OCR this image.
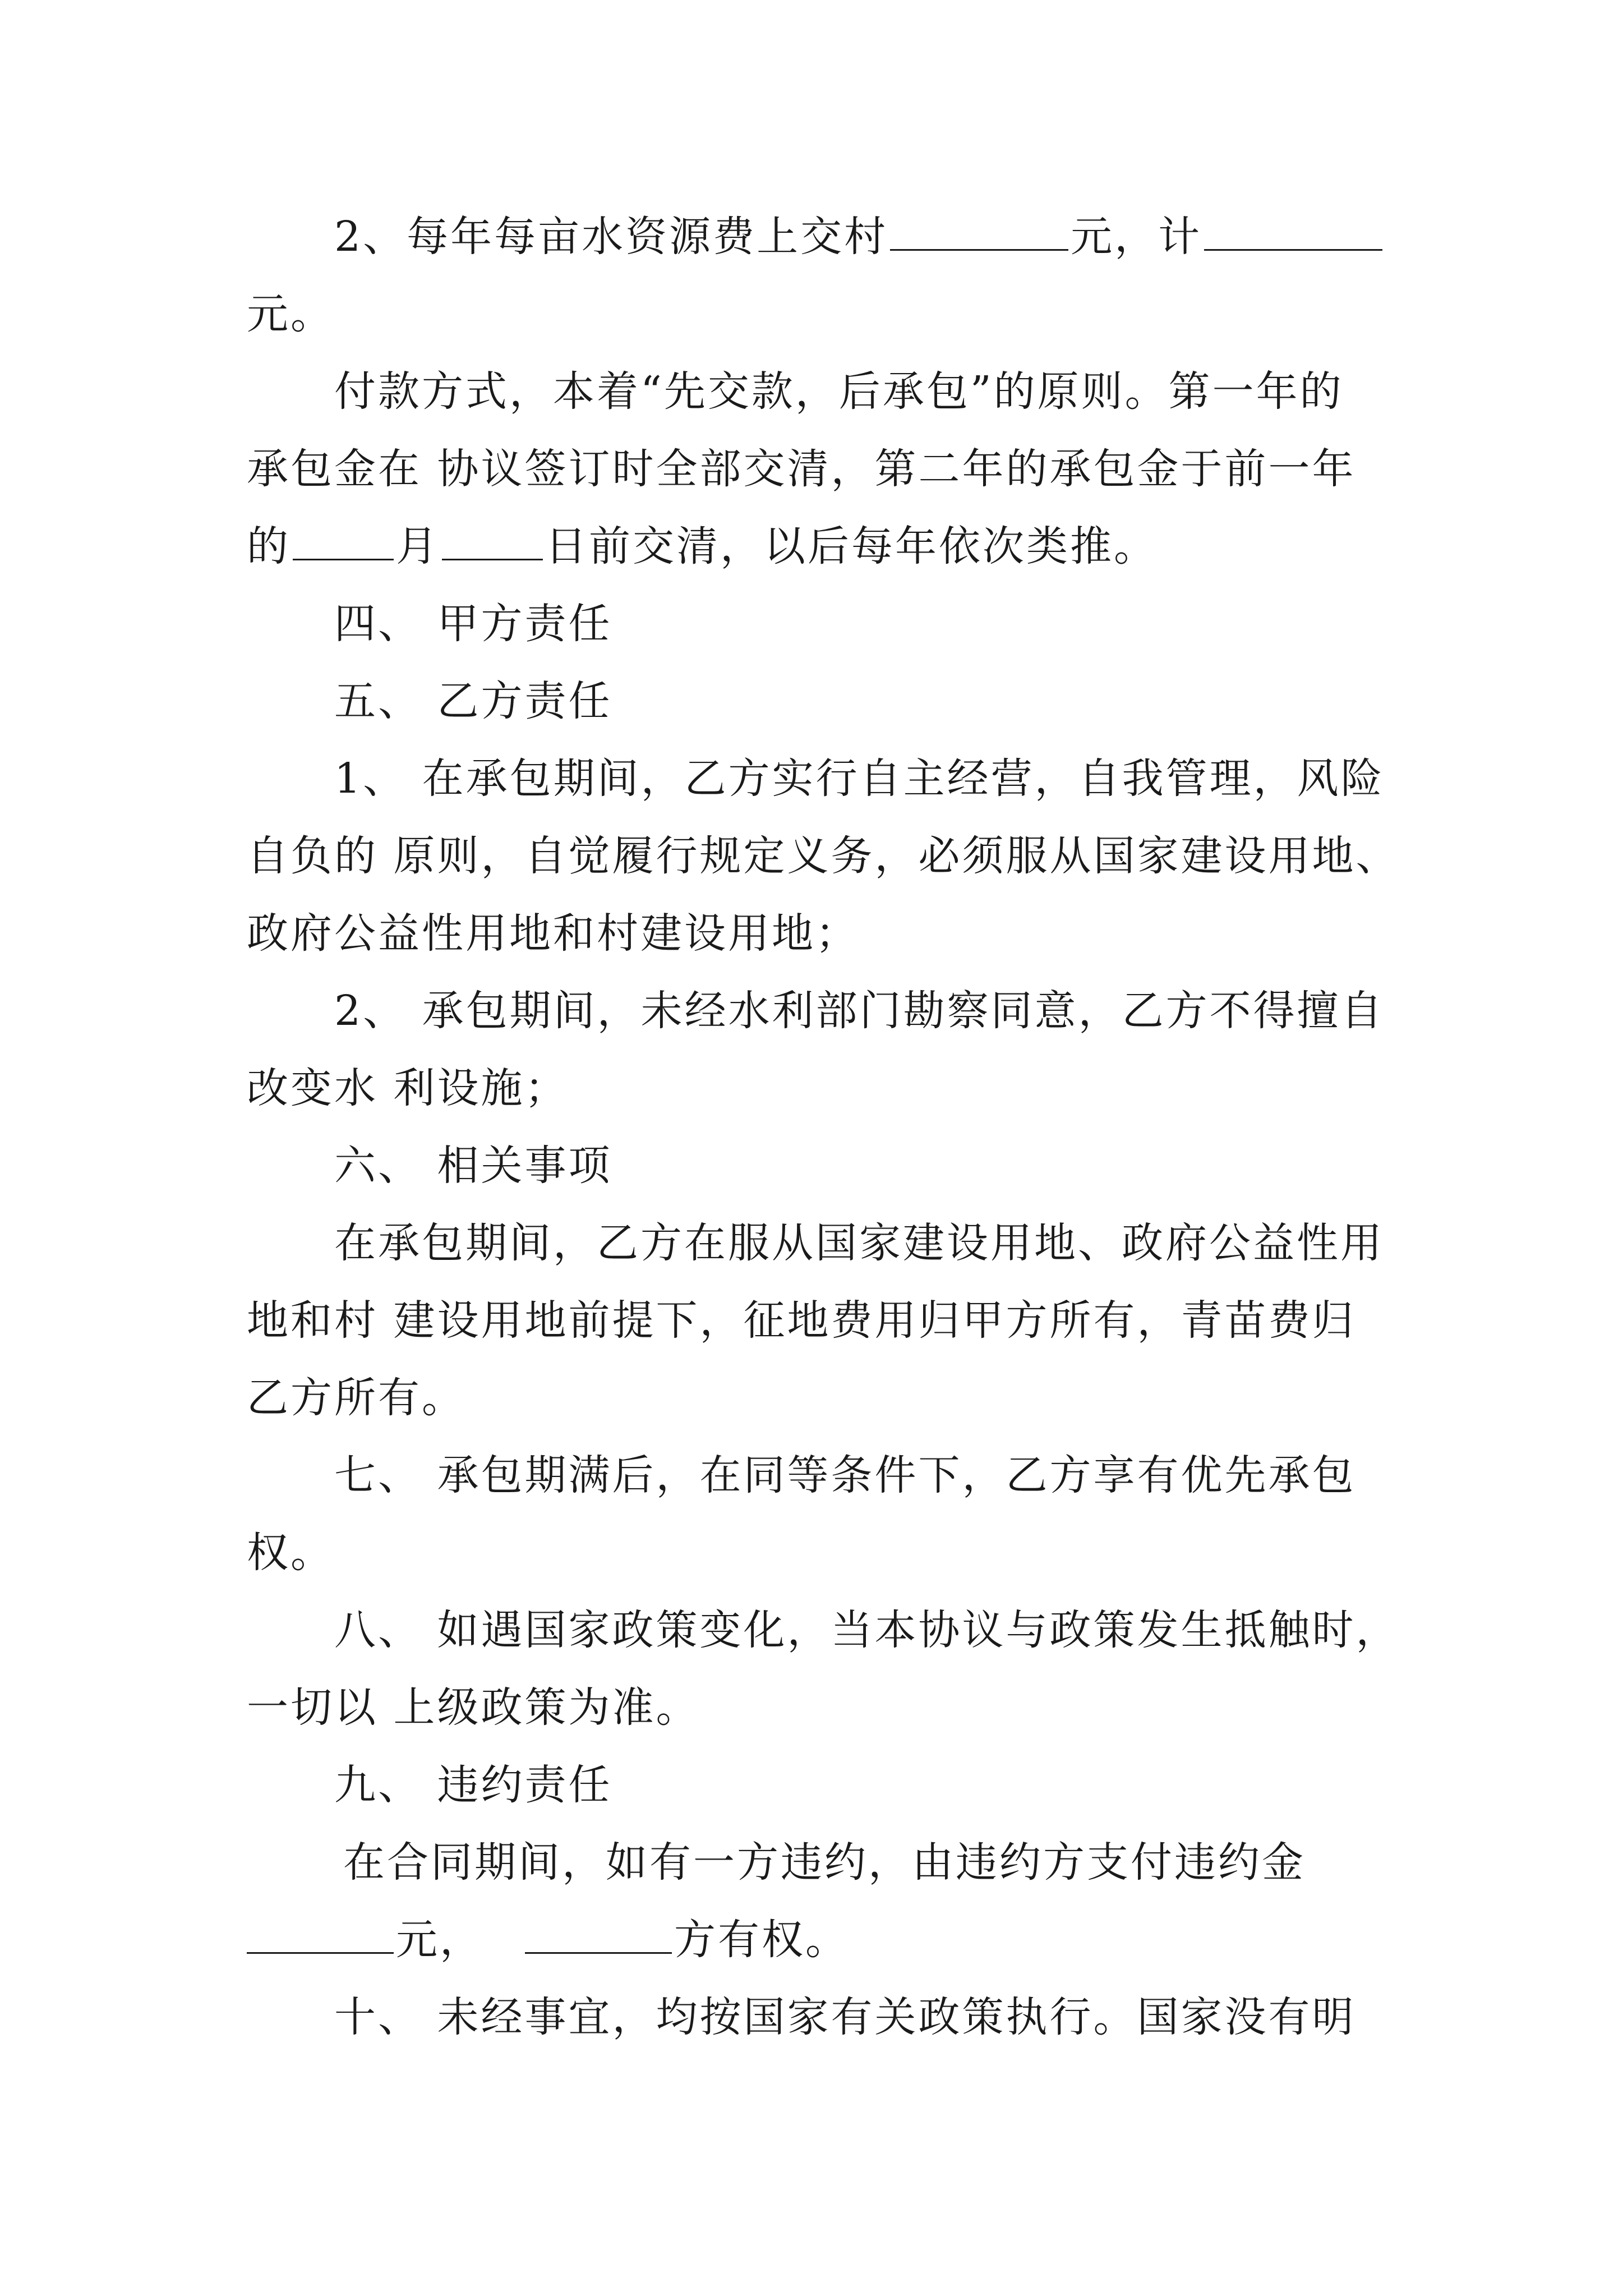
2、每年每亩水资源费上交村	元，计

元。

付款方式，本着“先交款，后承包”的原则。第一年的

承包金在 协议签订时全部交清，第二年的承包金于前一年

的	月	日前交清，以后每年依次类推。

四、 甲方责任

五、 乙方责任

1、 在承包期间，乙方实行自主经营，自我管理，风险

自负的 原则，自觉履行规定义务，必须服从国家建设用地、

政府公益性用地和村建设用地；

2、 承包期间，未经水利部门勘察同意，乙方不得擅自

改变水 利设施；

六、 相关事项

在承包期间，乙方在服从国家建设用地、政府公益性用

地和村 建设用地前提下，征地费用归甲方所有，青苗费归

乙方所有。

七、 承包期满后，在同等条件下，乙方享有优先承包

权。

八、 如遇国家政策变化，当本协议与政策发生抵触时，

一切以 上级政策为准。

九、 违约责任

在合同期间，如有一方违约，由违约方支付违约金

元，	方有权。

十、 未经事宜，均按国家有关政策执行。国家没有明
